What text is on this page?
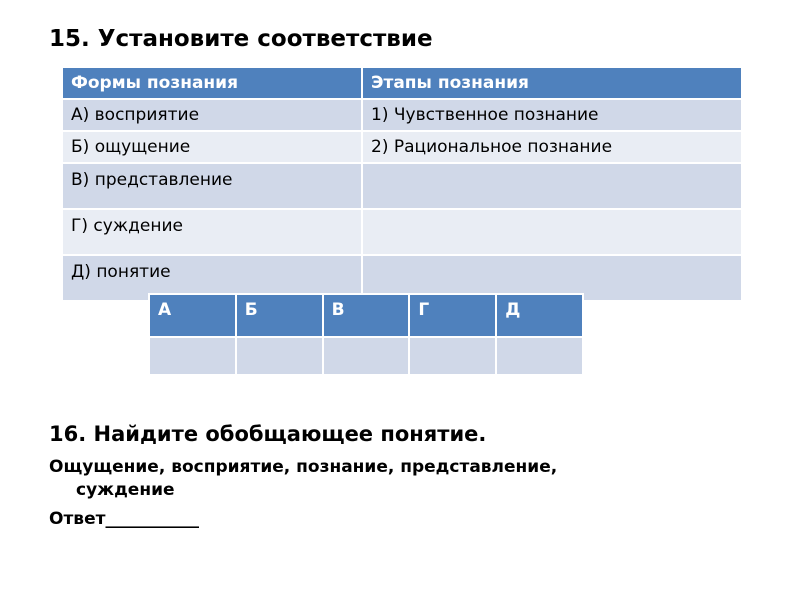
15. Установите соответствие
Формы познания	Этапы познания
А) восприятие	1) Чувственное познание
Б) ощущение	2) Рациональное познание
В) представление	
Г) суждение	
Д) понятие	
А	Б	В	Г	Д

16. Найдите обобщающее понятие.

Ощущение, восприятие, познание, представление,
суждение

Ответ___________
